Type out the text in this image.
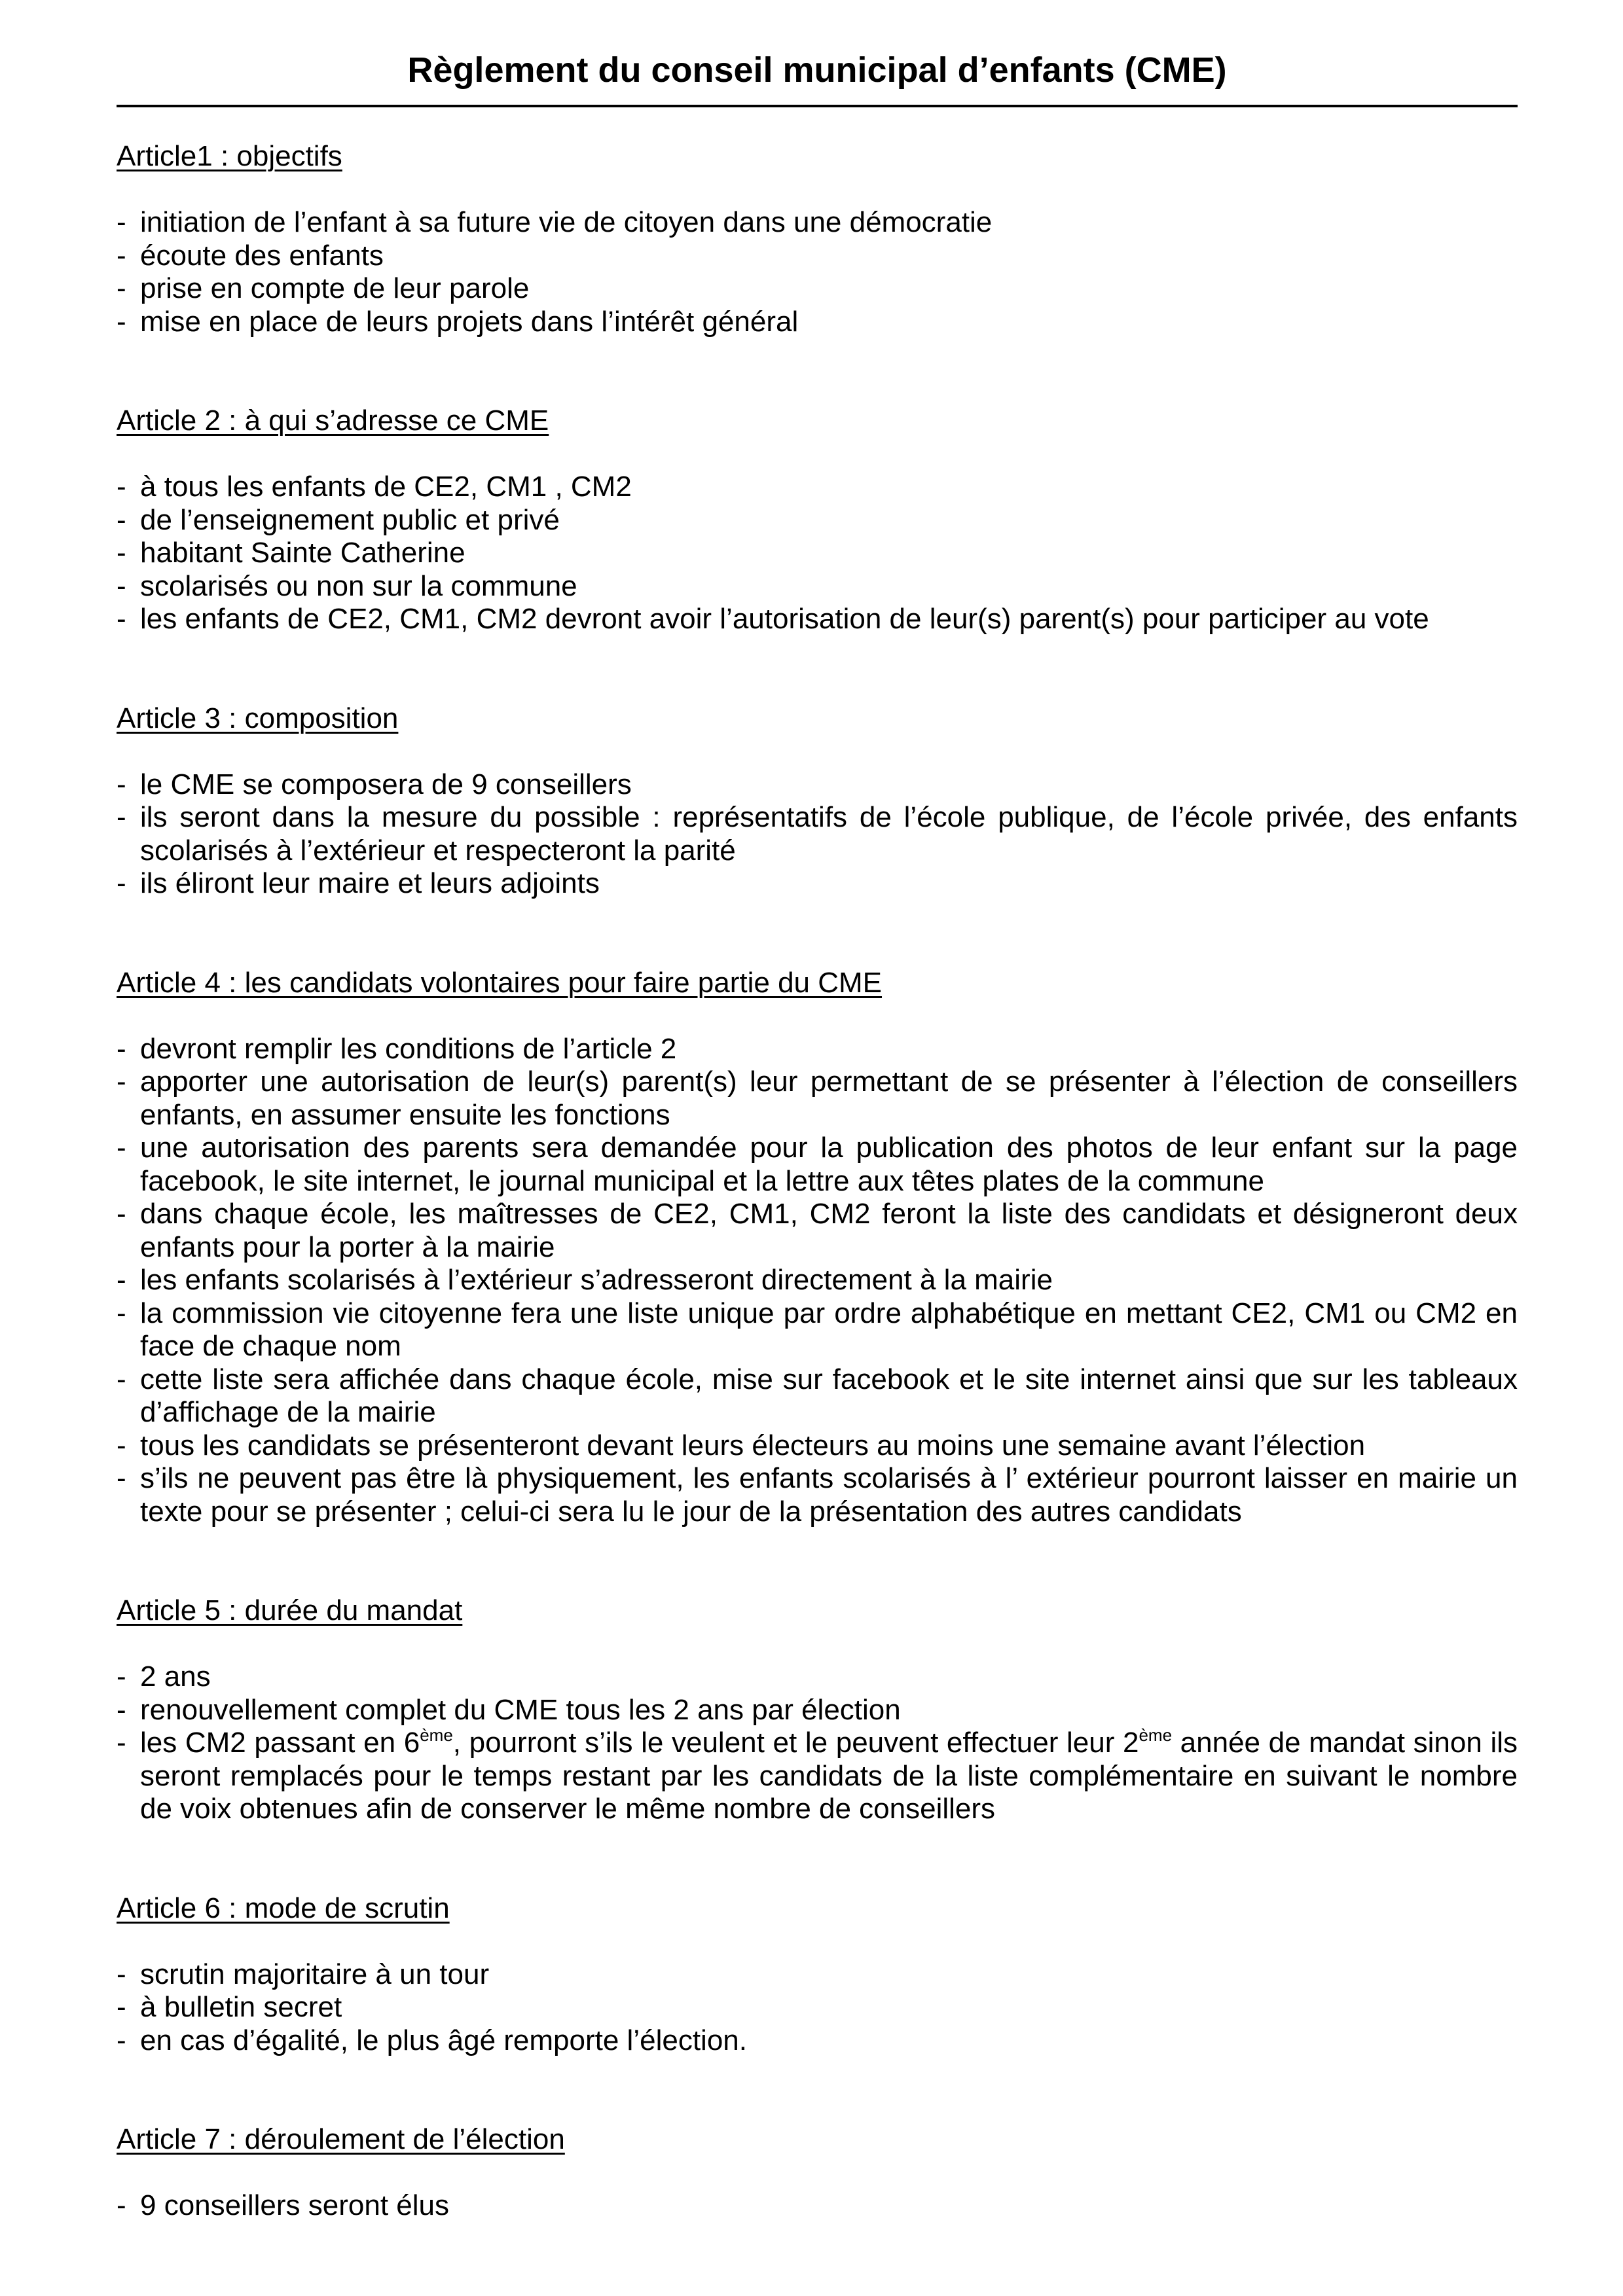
Règlement du conseil municipal d’enfants (CME)
Article1 : objectifs
- initiation de l’enfant à sa future vie de citoyen dans une démocratie
- écoute des enfants
- prise en compte de leur parole
- mise en place de leurs projets dans l’intérêt général
Article 2 : à qui s’adresse ce CME
- à tous les enfants de CE2, CM1 , CM2
- de l’enseignement public et privé
- habitant Sainte Catherine
- scolarisés ou non sur la commune
- les enfants de CE2, CM1, CM2 devront avoir l’autorisation de leur(s) parent(s) pour participer au vote
Article 3 : composition
- le CME se composera de 9 conseillers
- ils seront dans la mesure du possible : représentatifs de l’école publique, de l’école privée, des enfants scolarisés à l’extérieur et respecteront la parité
- ils éliront leur maire et leurs adjoints
Article 4 : les candidats volontaires pour faire partie du CME
- devront remplir les conditions de l’article 2
- apporter une autorisation de leur(s) parent(s) leur permettant de se présenter à l’élection de conseillers enfants, en assumer ensuite les fonctions
- une autorisation des parents sera demandée pour la publication des photos de leur enfant sur la page facebook, le site internet, le journal municipal et la lettre aux têtes plates de la commune
- dans chaque école, les maîtresses de CE2, CM1, CM2 feront la liste des candidats et désigneront deux enfants pour la porter à la mairie
- les enfants scolarisés à l’extérieur s’adresseront directement à la mairie
- la commission vie citoyenne fera une liste unique par ordre alphabétique en mettant CE2, CM1 ou CM2 en face de chaque nom
- cette liste sera affichée dans chaque école, mise sur facebook et le site internet ainsi que sur les tableaux d’affichage de la mairie
- tous les candidats se présenteront devant leurs électeurs au moins une semaine avant l’élection
- s’ils ne peuvent pas être là physiquement, les enfants scolarisés à l’ extérieur pourront laisser en mairie un texte pour se présenter ; celui-ci sera lu le jour de la présentation des autres candidats
Article 5 : durée du mandat
- 2 ans
- renouvellement complet du CME tous les 2 ans par élection
- les CM2 passant en 6ème, pourront s’ils le veulent et le peuvent effectuer leur 2ème année de mandat sinon ils seront remplacés pour le temps restant par les candidats de la liste complémentaire en suivant le nombre de voix obtenues afin de conserver le même nombre de conseillers
Article 6 : mode de scrutin
- scrutin majoritaire à un tour
- à bulletin secret
- en cas d’égalité, le plus âgé remporte l’élection.
Article 7 : déroulement de l’élection
- 9 conseillers seront élus
